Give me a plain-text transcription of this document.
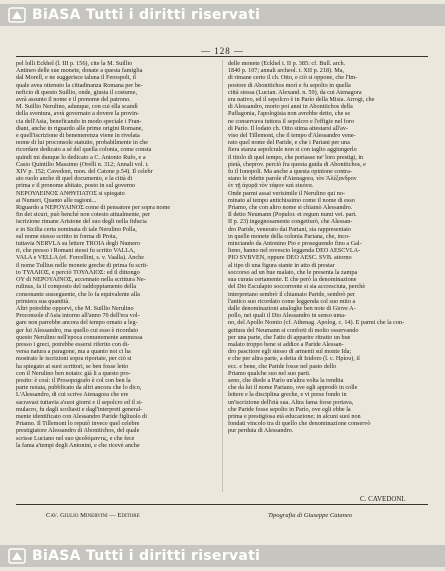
BiASA Tutti i diritti riservati
— 128 —
pel lolli Eckhel (l. III p. 156), cite la M. Suillio
Antineo delle sue monete, donate a questa famiglia
dal Morell, e ne suggerisce taluna il Ferospoli, il
quale avea ottenuto la cittadinanza Romana per be-
neficio di questo Suillio, onde, giusta il costume,
avrà assunto il nome e il prenome del patrono.
M. Suillio Nerulino, adunque, con cui ella scandì
della sventura, avrà governato a dovere la provin-
cia dell'Asia, beneficando in modo speciale i Fran-
diani, anche in riguardo alle prime origini Romane,
e quell'iscrizione di benemerenza viene in rivelata
nome di lui proconsole statuito, probabilmente in che
ricordare dedicato a sé del quella colonia, come consta
quindi mi dunque lo dedicato a C. Antonio Rufo, e a
Casio Quintilio Massimo (Orelli n. 312; Annali vol. t.
XIV p. 152; Cavedoni, mon. del Catone p.54). Il celebr
ato ruolo anche di quel documento, e la città di
prima e il pronome abitato, posto in sul governo
ΝΕΡΟΥΛΕΙΝΟΣ ΑΝΘΥΠΑΤΟΣ si spiegato
ai Numeri, Quanto alle ragioni...
Riguardo a NEPOYAINOΣ come di pensatore per sopra nome
fin dei sicuri, può benché non cotesto attualmente, per
iscrizione rimane Aristone del suo degli nella fiducia
e in Sicilia certa nominata di tale Nerulino Polla,
sul nome stesso scritto in forma di Prota,
tuttavia NERVLA su lettere TROIA degli Numero
ri, che presso i Romani stessi fu scritto VALLA,
VALA e VELLA (ef. Forcellini, s. v. Vaalla). Anche
il nome Tullius nelle monete greche di prima fu scrit-
to ΤΥΛΛΙΟΣ, e perciò ΤΟΥΛΛΙΟΣ: ed il dittongo
OY di NEPOYAINOΣ, accennato nella scrittura Ne-
rulinus, fa il composto del raddoppiamento della
consonante susseguente, che lo fa equivalente alla
primiera sua quantità.
Altri potrebbe opporvi, che M. Suillio Nerulino
Proconsole d'Asia intorno all'anno 70 dell'era vol-
gare non parrebbe ancora del tempo ornato a leg-
ger lui Alessandro, ma quello cui esso è ricordato
questo Nerulino nell'epoca comunemente ammessa
presso i greci, potrebbe essersi riferito con di-
versa natura a paragone, ma a quanto noi ci ha
mostrato le iscrizioni sopra riportate, per ciò si
ha spiegato ai suoi scrittori, se ben fosse letto
con il Nerulino ben notato: già li a questo pro-
posito: è così: il Prosopografo è col con ben la
parte notata, pubblicato da altri ancora che lo dico,
L'Alessandro, di cui scrive Atenagora che ere
sacravasi tuttavia a'suoi giorni e il sepolcro ed il si-
mulacro, fu dagli scoliasti e dagl'interpreti general-
mente identificato con Alessandro Paride figliuolo di
Priamo. Il Tillemont lo reputò invece quel celebre
prestigiatore Alessandro di Abonitichos, del quale
scrisse Luciano nel suo ψευδόμαντις, e che fece
la fama a'tempi degli Antonini, e che ricevè anche
delle monete (Eckhel t. II p. 385: cf. Bull. arch.
1840 p. 107; annali archeol. t. XII p. 218). Ma,
di rimane certo il ch. Otto, e ciò si oppone, che l'Im-
postore di Abonitichos morì e fu sepolto in quella
città stessa (Lucian. Alexand. n. 59), da cui Atenagora
era nativo, ed il sepolcro è in Parìo della Misia. Arrogi, che
di Alessandro, morto poi anni in Abonitichos della
Paflagonia, l'apologista non avrebbe detto, che se
ne conservava tuttora il sepolcro e l'effigie nel foro
di Parìo. Il lodato ch. Otto stima attestarsi all'av-
viso del Tillemont, che il tempo d'Alessandro vene-
rato quel nome del Paride, e che i Pariani per una
fiera stanza sepolcrale non si con taglio aggiungerlo
il titolo di quel tempo, che portasse ne' loro prestigi, in
pietà, cheprov. perciò fra questa guida di Abonitichos, e
fu il Ionopoli. Ma anche a questa opinione contra-
stano le ridette parole d'Atenagora, τὸν Ἀλέξανδρον
ἐν τῇ ἀγορᾷ τὸν τάφον καὶ εἰκόνα.
Onde parmi assai verisimile il Nerulino qui no-
minato al tempo antichissimo come il nome di esso
Prìamo, che con altro nome si chiamò Alessandro.
Il detto Neumann (Populor. et regum numi vet. part.
II p. 23) ingegnosamente congetturò, che Alessan-
dro Paride, venerato dai Pariani, sia rappresentato
in quelle monete della colonia Pariana, che, inco-
minciando da Antonino Pio e proseguendo fino a Gal-
lieno, hanno nel rovescio leggenda DEO AESCVLA-
PIO SVBVEN, oppure DEO AESC. SVB. attorno
al tipo di una figura stante in atto di prestar
soccorso ad un bue malato, che le presenta la zampa
sua curata certamente. E che però la denominazione
del Dio Esculapio soccorrente si sia accresciuta, perchè
interpretano sembrò il chiamato Paride, sembrò per
l'antico suo ricordato come leggenda col suo mito a
dalle denominazioni analoghe ben note di Giove A-
pollo, nei quali il Dio Alessandro in senso uma-
no, del Apollo Nomio (cf. Athenag. Apolog. c. 14). E parmi che la con-
gettura del Neumann si conforti di molto osservando
per una parte, che l'atto di apparire ritratto un bue
malato troppo bene si addice a Paride Alessan-
dro pascitore egli stesso di armenti sul monte Ida;
e che per altra parte, a detta di Isidoro (l. c. Ηρίου), il
ecc. e bene, che Paride fosse nel pasto dello
Priamo qualche suo nel suo parti.
seno, che diede a Parìo un'altra volta la rendita
che da lui il nome Pariano, ove egli approdò in colle
lettere e la disciplina greche, e vi prese fondo in
un'iscrizione dell'età sua. Altra fama forse portava,
che Paride fosse sepolto in Parìo, ove egli ebbe la
prima e prestigiosa età educazione; in alcuni suoi non
fondati vincolo tra di quello che denominazione conservò
pur perduta di Alessandro.
C. CAVEDONI.
Cav. Giulio Minervini — Editore	Tipografia di Giuseppe Cataneo
BiASA Tutti i diritti riservati
